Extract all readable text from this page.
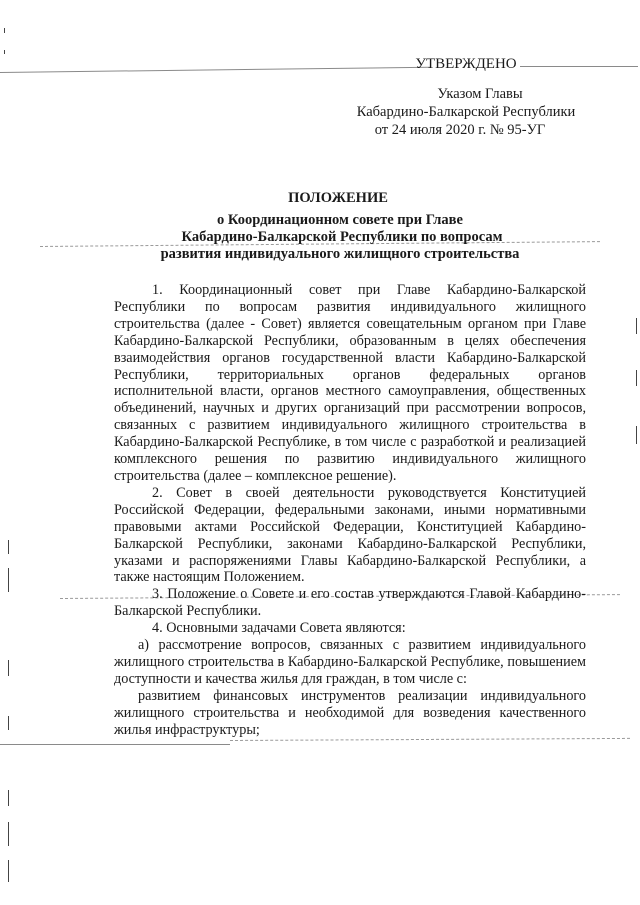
УТВЕРЖДЕНО
Указом Главы
Кабардино-Балкарской Республики
от 24 июля 2020 г. № 95-УГ
ПОЛОЖЕНИЕ
о Координационном совете при Главе
Кабардино-Балкарской Республики по вопросам
развития индивидуального жилищного строительства

1. Координационный совет при Главе Кабардино-Балкарской Республики по вопросам развития индивидуального жилищного строительства (далее - Совет) является совещательным органом при Главе Кабардино-Балкарской Республики, образованным в целях обеспечения взаимодействия органов государственной власти Кабардино-Балкарской Республики, территориальных органов федеральных органов исполнительной власти, органов местного самоуправления, общественных объединений, научных и других организаций при рассмотрении вопросов, связанных с развитием индивидуального жилищного строительства в Кабардино-Балкарской Республике, в том числе с разработкой и реализацией комплексного решения по развитию индивидуального жилищного строительства (далее – комплексное решение).

2. Совет в своей деятельности руководствуется Конституцией Российской Федерации, федеральными законами, иными нормативными правовыми актами Российской Федерации, Конституцией Кабардино-Балкарской Республики, законами Кабардино-Балкарской Республики, указами и распоряжениями Главы Кабардино-Балкарской Республики, а также настоящим Положением.

3. Положение о Совете и его состав утверждаются Главой Кабардино-Балкарской Республики.

4. Основными задачами Совета являются:

а) рассмотрение вопросов, связанных с развитием индивидуального жилищного строительства в Кабардино-Балкарской Республике, повышением доступности и качества жилья для граждан, в том числе с:

развитием финансовых инструментов реализации индивидуального жилищного строительства и необходимой для возведения качественного жилья инфраструктуры;
